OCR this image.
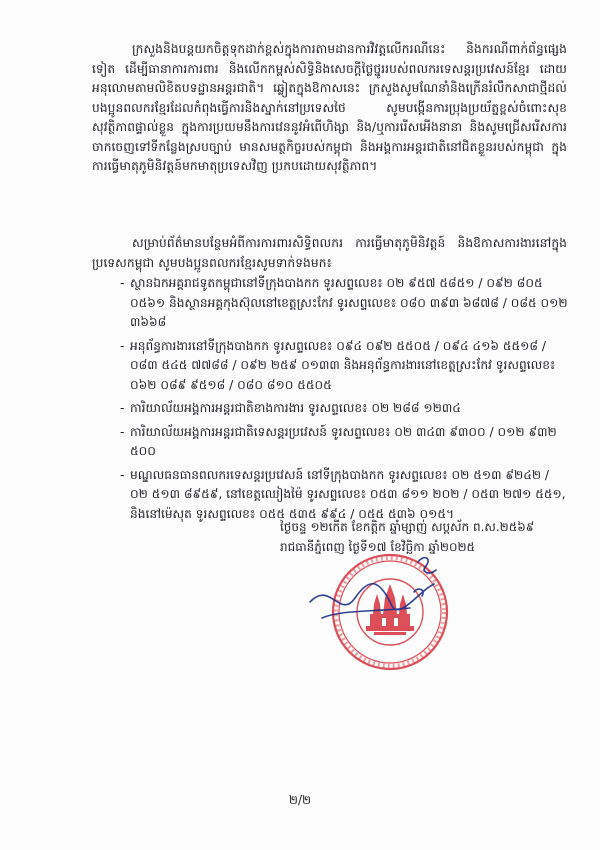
ក្រសួងនិងបន្តយកចិត្តទុកដាក់ខ្ពស់ក្នុងការតាមដានការវិវត្តលើករណីនេះ និងករណីពាក់ព័ន្ធផ្សេងទៀត ដើម្បីធានាការការពារ និងលើកកម្ពស់សិទ្ធិនិងសេចក្តីថ្លៃថ្នូររបស់ពលករទេសន្តរប្រវេសន៍ខ្មែរ ដោយអនុលោមតាមលិខិតបទដ្ឋានអន្តរជាតិ។ ឆ្លៀតក្នុងឱកាសនេះ ក្រសួងសូមណែនាំនិងក្រើនរំលឹកសាជាថ្មីដល់ បងប្អូនពលករខ្មែរដែលកំពុងធ្វើការនិងស្នាក់នៅប្រទេសថៃ សូមបង្កើនការប្រុងប្រយ័ត្នខ្ពស់ចំពោះសុខសុវត្ថិភាពផ្ទាល់ខ្លួន ក្នុងការប្រយមនឹងការវេននូវអំពើហិង្សា និង/ឬការរើសអើងនានា និងសូមជ្រើសរើសការចាកចេញទៅទីកន្លែងស្របច្បាប់ មានសមត្ថកិច្ចរបស់កម្ពុជា និងអង្គការអន្តរជាតិនៅជិតខ្លួនរបស់កម្ពុជា ក្នុងការធ្វើមាតុភូមិនិវត្តន៍មកមាតុប្រទេសវិញ ប្រកបដោយសុវត្ថិភាព។
សម្រាប់ព័ត៌មានបន្ថែមអំពីការការពារសិទ្ធិពលករ ការធ្វើមាតុភូមិនិវត្តន៍ និងឱកាសការងារនៅក្នុងប្រទេសកម្ពុជា សូមបងប្អូនពលករខ្មែរសូមទាក់ទងមក៖
- ស្ថានឯកអគ្គរាជទូតកម្ពុជានៅទីក្រុងបាងកក ទូរសព្ទលេខ៖ ០២ ៩៥៧ ៥៨៥១ / ០៩២ ៨០៥ ០៥៦១ និងស្ថានអគ្គកុងស៊ុលនៅខេត្តស្រះកែវ ទូរសព្ទលេខ៖ ០៨០ ៣៩៣ ៦៨៧៨ / ០៨៥ ០១២ ៣៦៦៨
- អនុព័ន្ធការងារនៅទីក្រុងបាងកក ទូរសព្ទលេខ៖ ០៩៤ ០៩២ ៥៥០៥ / ០៩៤ ៤១៦ ៥៥១៨ / ០៨៣ ៥៤៥ ៧៧៨៨ / ០៩២ ២៥៩ ០១៣៣ និងអនុព័ន្ធការងារនៅខេត្តស្រះកែវ ទូរសព្ទលេខ៖ ០៦២ ០៨៩ ៩៥១៨ / ០៨០ ៨១០ ៥៥០៥
- ការិយាល័យអង្គការអន្តរជាតិខាងការងារ ទូរសព្ទលេខ៖ ០២ ២៨៨ ១២៣៤
- ការិយាល័យអង្គការអន្តរជាតិទេសន្តរប្រវេសន៍ ទូរសព្ទលេខ៖ ០២ ៣៤៣ ៩៣០០ / ០១២ ៩៣២ ៥០០
- មណ្ឌលធនធានពលករទេសន្តរប្រវេសន៍ នៅទីក្រុងបាងកក ទូរសព្ទលេខ៖ ០២ ៥១៣ ៩២៤២ / ០២ ៥១៣ ៨៩៥៩, នៅខេត្តឈៀងម៉ៃ ទូរសព្ទលេខ៖ ០៥៣ ៨១១ ២០២ / ០៥៣ ២៧១ ៥៥១, និងនៅម៉េសុត ទូរសព្ទលេខ៖ ០៥៥ ៥៣៥ ៩៩៤ / ០៥៥ ៥៣៦ ០១៥។
ថ្ងៃចន្ទ ១២កើត ខែកត្តិក ឆ្នាំម្សាញ់ សប្តស័ក ព.ស.២៥៦៩
រាជធានីភ្នំពេញ ថ្ងៃទី១៧ ខែវិច្ឆិកា ឆ្នាំ២០២៥
២/២
